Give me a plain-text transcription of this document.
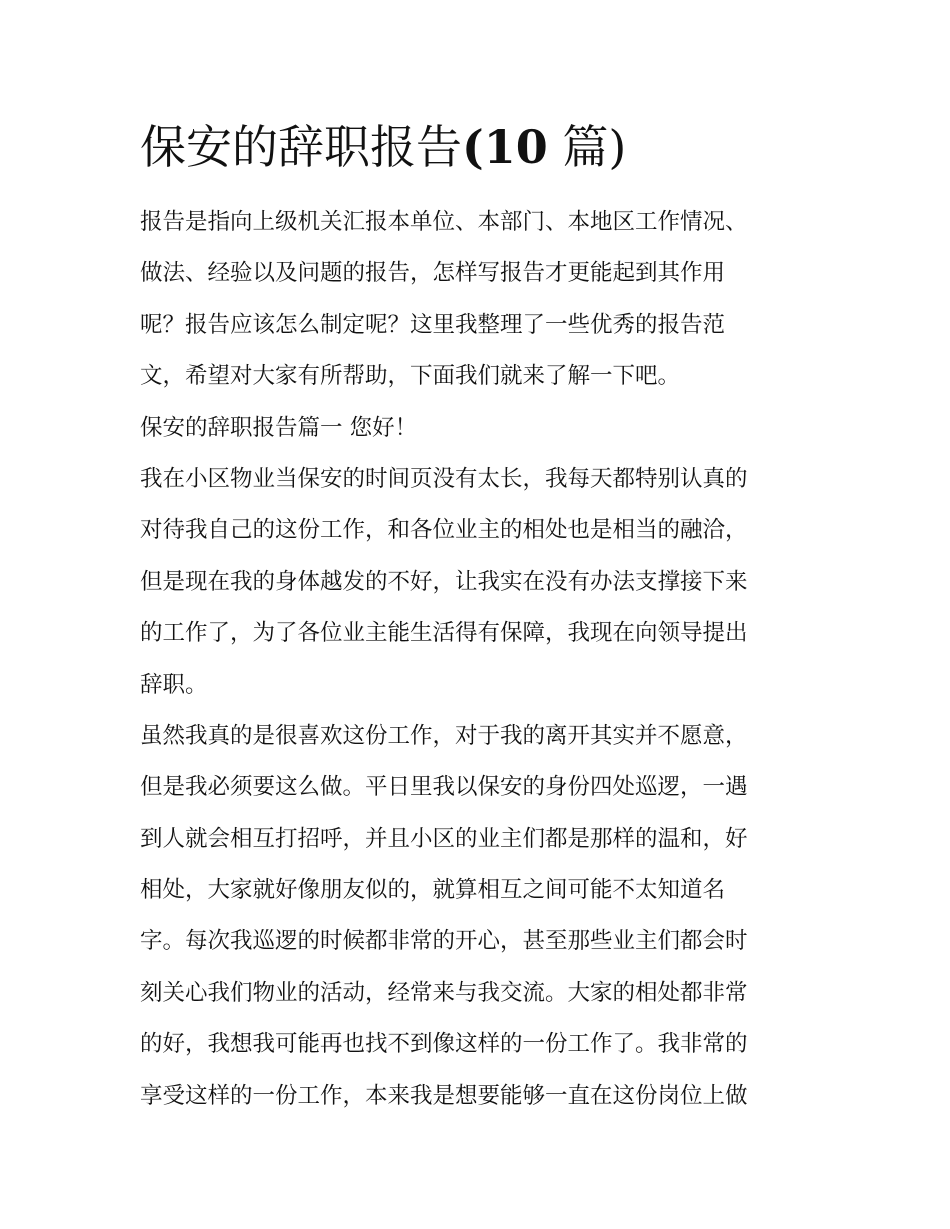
保安的辞职报告(10 篇)
报告是指向上级机关汇报本单位、本部门、本地区工作情况、
做法、经验以及问题的报告，怎样写报告才更能起到其作用
呢？报告应该怎么制定呢？这里我整理了一些优秀的报告范
文，希望对大家有所帮助，下面我们就来了解一下吧。
保安的辞职报告篇一 您好！
我在小区物业当保安的时间页没有太长，我每天都特别认真的
对待我自己的这份工作，和各位业主的相处也是相当的融洽，
但是现在我的身体越发的不好，让我实在没有办法支撑接下来
的工作了，为了各位业主能生活得有保障，我现在向领导提出
辞职。
虽然我真的是很喜欢这份工作，对于我的离开其实并不愿意，
但是我必须要这么做。平日里我以保安的身份四处巡逻，一遇
到人就会相互打招呼，并且小区的业主们都是那样的温和，好
相处，大家就好像朋友似的，就算相互之间可能不太知道名
字。每次我巡逻的时候都非常的开心，甚至那些业主们都会时
刻关心我们物业的活动，经常来与我交流。大家的相处都非常
的好，我想我可能再也找不到像这样的一份工作了。我非常的
享受这样的一份工作，本来我是想要能够一直在这份岗位上做
